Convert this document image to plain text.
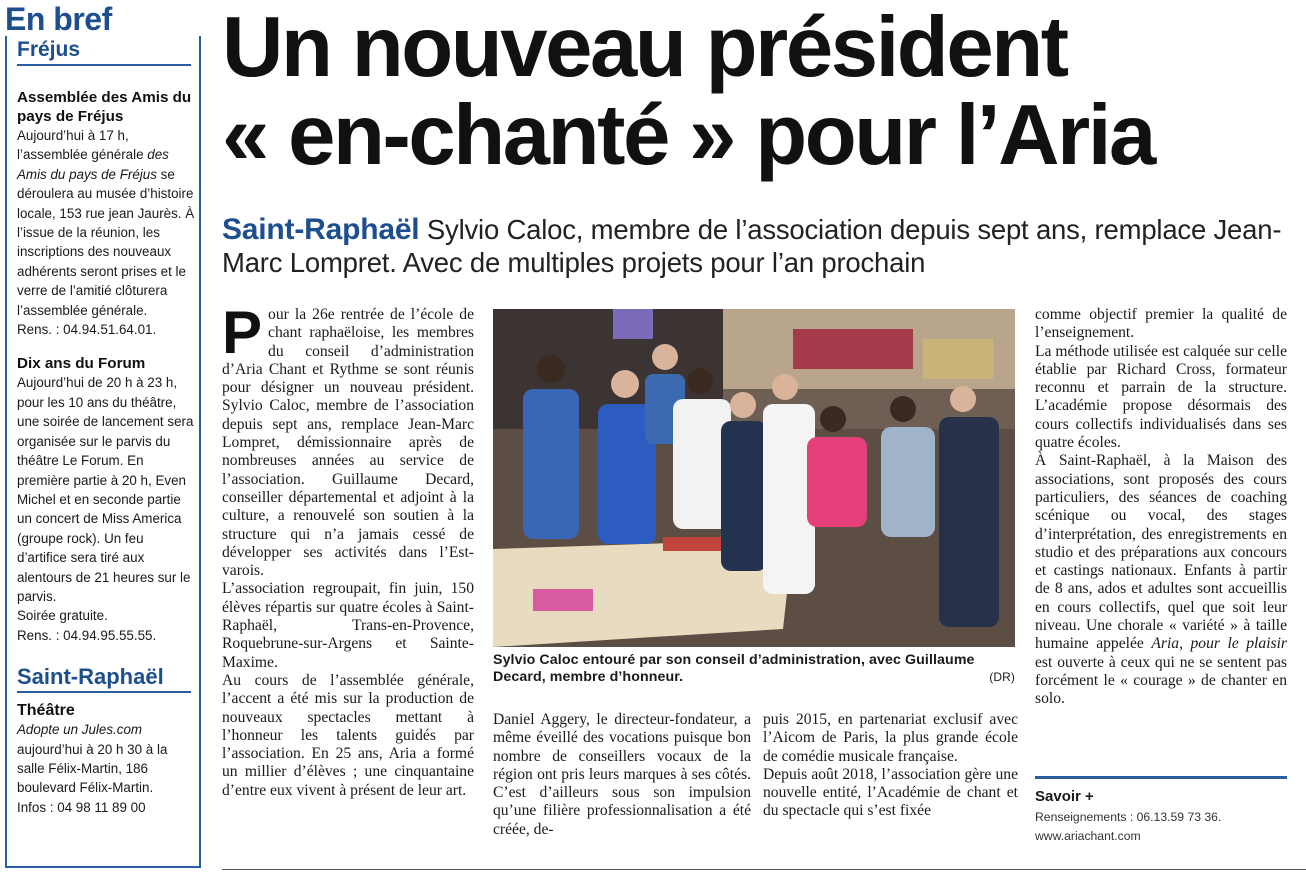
En bref
Fréjus
Assemblée des Amis du pays de Fréjus

Aujourd’hui à 17 h, l’assemblée générale des Amis du pays de Fréjus se déroulera au musée d’histoire locale, 153 rue jean Jaurès. À l’issue de la réunion, les inscriptions des nouveaux adhérents seront prises et le verre de l’amitié clôturera l’assemblée générale.

Rens. : 04.94.51.64.01.

Dix ans du Forum

Aujourd’hui de 20 h à 23 h, pour les 10 ans du théâtre, une soirée de lancement sera organisée sur le parvis du théâtre Le Forum. En première partie à 20 h, Even Michel et en seconde partie un concert de Miss America (groupe rock). Un feu d’artifice sera tiré aux alentours de 21 heures sur le parvis.

Soirée gratuite.

Rens. : 04.94.95.55.55.

Saint-Raphaël
Théâtre

Adopte un Jules.com

aujourd’hui à 20 h 30 à la salle Félix-Martin, 186 boulevard Félix-Martin.

Infos : 04 98 11 89 00

Un nouveau président
« en-chanté » pour l’Aria
Saint-Raphaël Sylvio Caloc, membre de l’association depuis sept ans, remplace Jean-Marc Lompret. Avec de multiples projets pour l’an prochain
P our la 26e rentrée de l’école de chant raphaëloise, les membres du conseil d’administration d’Aria Chant et Rythme se sont réunis pour désigner un nouveau président. Sylvio Caloc, membre de l’association depuis sept ans, remplace Jean-Marc Lompret, démissionnaire après de nombreuses années au service de l’association. Guillaume Decard, conseiller départemental et adjoint à la culture, a renouvelé son soutien à la structure qui n’a jamais cessé de développer ses activités dans l’Est-varois.

L’association regroupait, fin juin, 150 élèves répartis sur quatre écoles à Saint-Raphaël, Trans-en-Provence, Roquebrune-sur-Argens et Sainte-Maxime.

Au cours de l’assemblée générale, l’accent a été mis sur la production de nouveaux spectacles mettant à l’honneur les talents guidés par l’association. En 25 ans, Aria a formé un millier d’élèves ; une cinquantaine d’entre eux vivent à présent de leur art.

Sylvio Caloc entouré par son conseil d’administration, avec Guillaume Decard, membre d’honneur.	(DR)

Daniel Aggery, le directeur-fondateur, a même éveillé des vocations puisque bon nombre de conseillers vocaux de la région ont pris leurs marques à ses côtés. C’est d’ailleurs sous son impulsion qu’une filière professionnalisation a été créée, de-

puis 2015, en partenariat exclusif avec l’Aicom de Paris, la plus grande école de comédie musicale française.

Depuis août 2018, l’association gère une nouvelle entité, l’Académie de chant et du spectacle qui s’est fixée

comme objectif premier la qualité de l’enseignement.

La méthode utilisée est calquée sur celle établie par Richard Cross, formateur reconnu et parrain de la structure. L’académie propose désormais des cours collectifs individualisés dans ses quatre écoles.

À Saint-Raphaël, à la Maison des associations, sont proposés des cours particuliers, des séances de coaching scénique ou vocal, des stages d’interprétation, des enregistrements en studio et des préparations aux concours et castings nationaux. Enfants à partir de 8 ans, ados et adultes sont accueillis en cours collectifs, quel que soit leur niveau. Une chorale « variété » à taille humaine appelée Aria, pour le plaisir est ouverte à ceux qui ne se sentent pas forcément le « courage » de chanter en solo.

Savoir +
Renseignements : 06.13.59 73 36.
www.ariachant.com
